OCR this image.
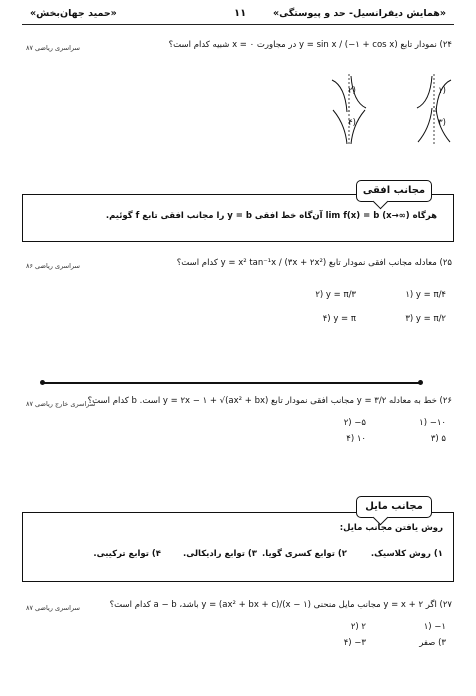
«حمید جهان‌بخش»	۱۱	«همایش دیفرانسیل- حد و پیوستگی»
۲۴) نمودار تابع y = sin x / (−۱ + cos x) در مجاورت x = ۰ شبیه کدام است؟
سراسری ریاضی ۸۷
۱)
۲)
۳)
۴)
هرگاه lim f(x) = b (x→∞) آن‌گاه خط افقی y = b را مجانب افقی تابع f گوئیم.
مجانب افقی
۲۵) معادله مجانب افقی نمودار تابع y = x² tan⁻¹x / (۳x + ۲x²) کدام است؟
سراسری ریاضی ۸۶
۱) y = π/۴
۲) y = π/۳
۳) y = π/۲
۴) y = π
۲۶) خط به معادله y = ۳/۲ مجانب افقی نمودار تابع y = ۲x − ۱ + √(ax² + bx) است. b کدام است؟
سراسری خارج ریاضی ۸۷
۱) −۱۰
۲) −۵
۳) ۵
۴) ۱۰
روش یافتن مجانب مایل:
۱) روش کلاسیک.
۲) توابع کسری گویا.
۳) توابع رادیکالی.
۴) توابع ترکیبی.
مجانب مایل
۲۷) اگر y = x + ۲ مجانب مایل منحنی y = (ax² + bx + c)/(x − ۱) باشد، a − b کدام است؟
سراسری ریاضی ۸۷
۱) −۱
۲) ۲
۳) صفر
۴) −۳
